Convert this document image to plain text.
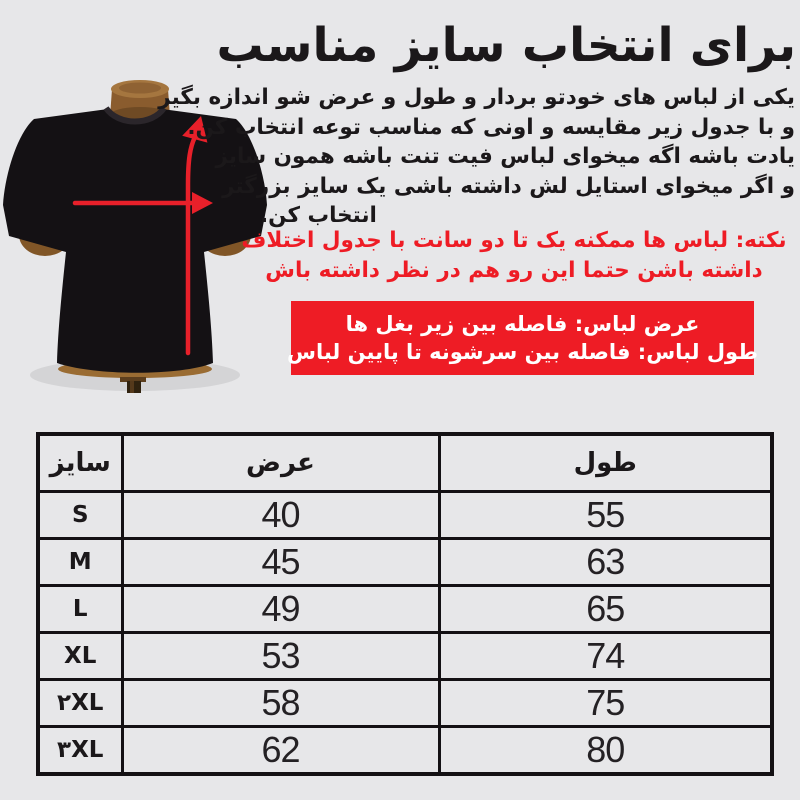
برای انتخاب سایز مناسب
یکی از لباس های خودتو بردار و طول و عرض شو اندازه بگیر
و با جدول زیر مقایسه و اونی که مناسب توعه انتخاب کن.
یادت باشه اگه میخوای لباس فیت تنت باشه همون سایز
و اگر میخوای استایل لش داشته باشی یک سایز بزرگتر
انتخاب کن.
نکته: لباس ها ممکنه یک تا دو سانت با جدول اختلاف
داشته باشن حتما این رو هم در نظر داشته باش
عرض لباس: فاصله بین زیر بغل ها
طول لباس: فاصله بین سرشونه تا پایین لباس
سایز	عرض	طول
S	40	55
M	45	63
L	49	65
XL	53	74
۲XL	58	75
۳XL	62	80
